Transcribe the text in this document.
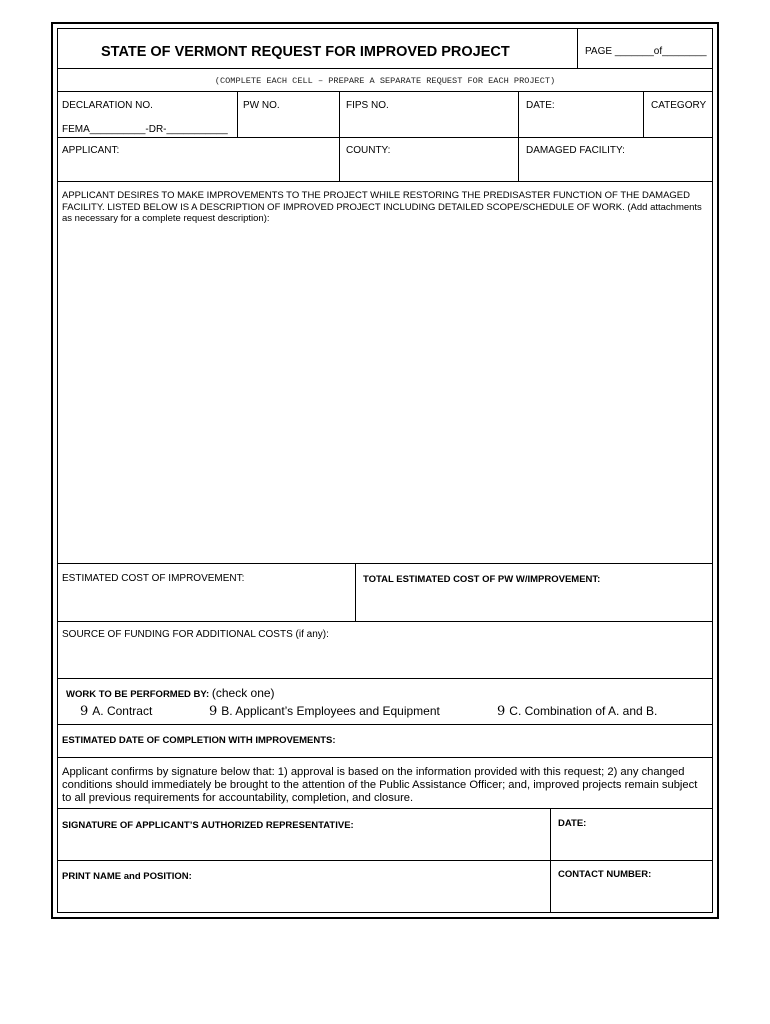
STATE OF VERMONT REQUEST FOR IMPROVED PROJECT	PAGE _______of________
(COMPLETE EACH CELL – PREPARE A SEPARATE REQUEST FOR EACH PROJECT)
DECLARATION NO.
FEMA__________-DR-___________
PW NO.	FIPS NO.	DATE:	CATEGORY
APPLICANT:	COUNTY:	DAMAGED FACILITY:
APPLICANT DESIRES TO MAKE IMPROVEMENTS TO THE PROJECT WHILE RESTORING THE PREDISASTER FUNCTION OF THE DAMAGED FACILITY. LISTED BELOW IS A DESCRIPTION OF IMPROVED PROJECT INCLUDING DETAILED SCOPE/SCHEDULE OF WORK. (Add attachments as necessary for a complete request description):
ESTIMATED COST OF IMPROVEMENT:	TOTAL ESTIMATED COST OF PW W/IMPROVEMENT:
SOURCE OF FUNDING FOR ADDITIONAL COSTS (if any):
WORK TO BE PERFORMED BY: (check one)
9 A. Contract	9 B. Applicant’s Employees and Equipment	9 C. Combination of A. and B.
ESTIMATED DATE OF COMPLETION WITH IMPROVEMENTS:
Applicant confirms by signature below that: 1) approval is based on the information provided with this request; 2) any changed conditions should immediately be brought to the attention of the Public Assistance Officer; and, improved projects remain subject to all previous requirements for accountability, completion, and closure.
SIGNATURE OF APPLICANT’S AUTHORIZED REPRESENTATIVE:	DATE:
PRINT NAME and POSITION:	CONTACT NUMBER:
